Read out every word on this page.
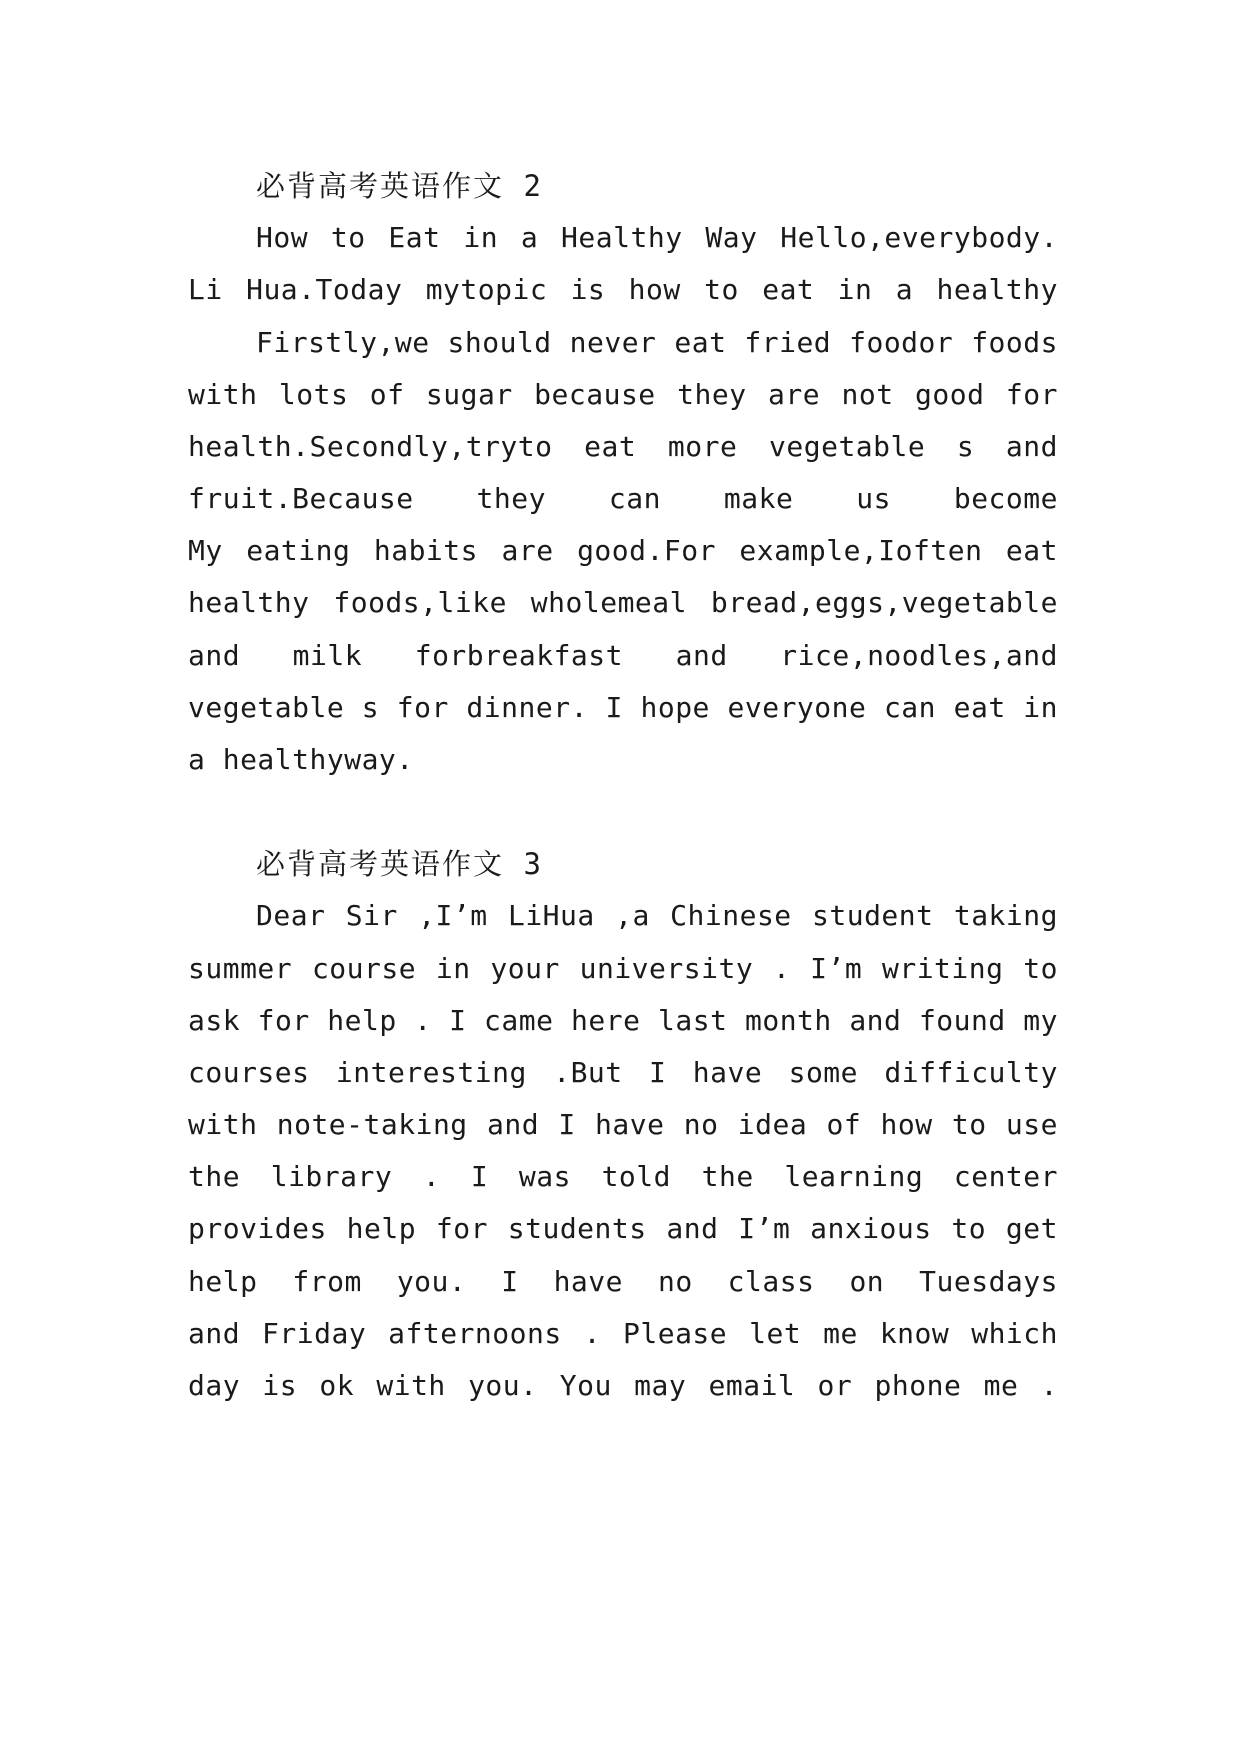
必背高考英语作文 2
How to Eat in a Healthy Way Hello,everybody.
Li Hua.Today mytopic is how to eat in a healthy
Firstly,we should never eat fried foodor foods
with lots of sugar because they are not good for
health.Secondly,tryto eat more vegetable s and
fruit.Because they can make us become
My eating habits are good.For example,Ioften eat
healthy foods,like wholemeal bread,eggs,vegetable
and milk forbreakfast and rice,noodles,and
vegetable s for dinner. I hope everyone can eat in
a healthyway.
必背高考英语作文 3
Dear Sir ,I’m LiHua ,a Chinese student taking
summer course in your university . I’m writing to
ask for help . I came here last month and found my
courses interesting .But I have some difficulty
with note-taking and I have no idea of how to use
the library . I was told the learning center
provides help for students and I’m anxious to get
help from you. I have no class on Tuesdays
and Friday afternoons . Please let me know which
day is ok with you. You may email or phone me .
